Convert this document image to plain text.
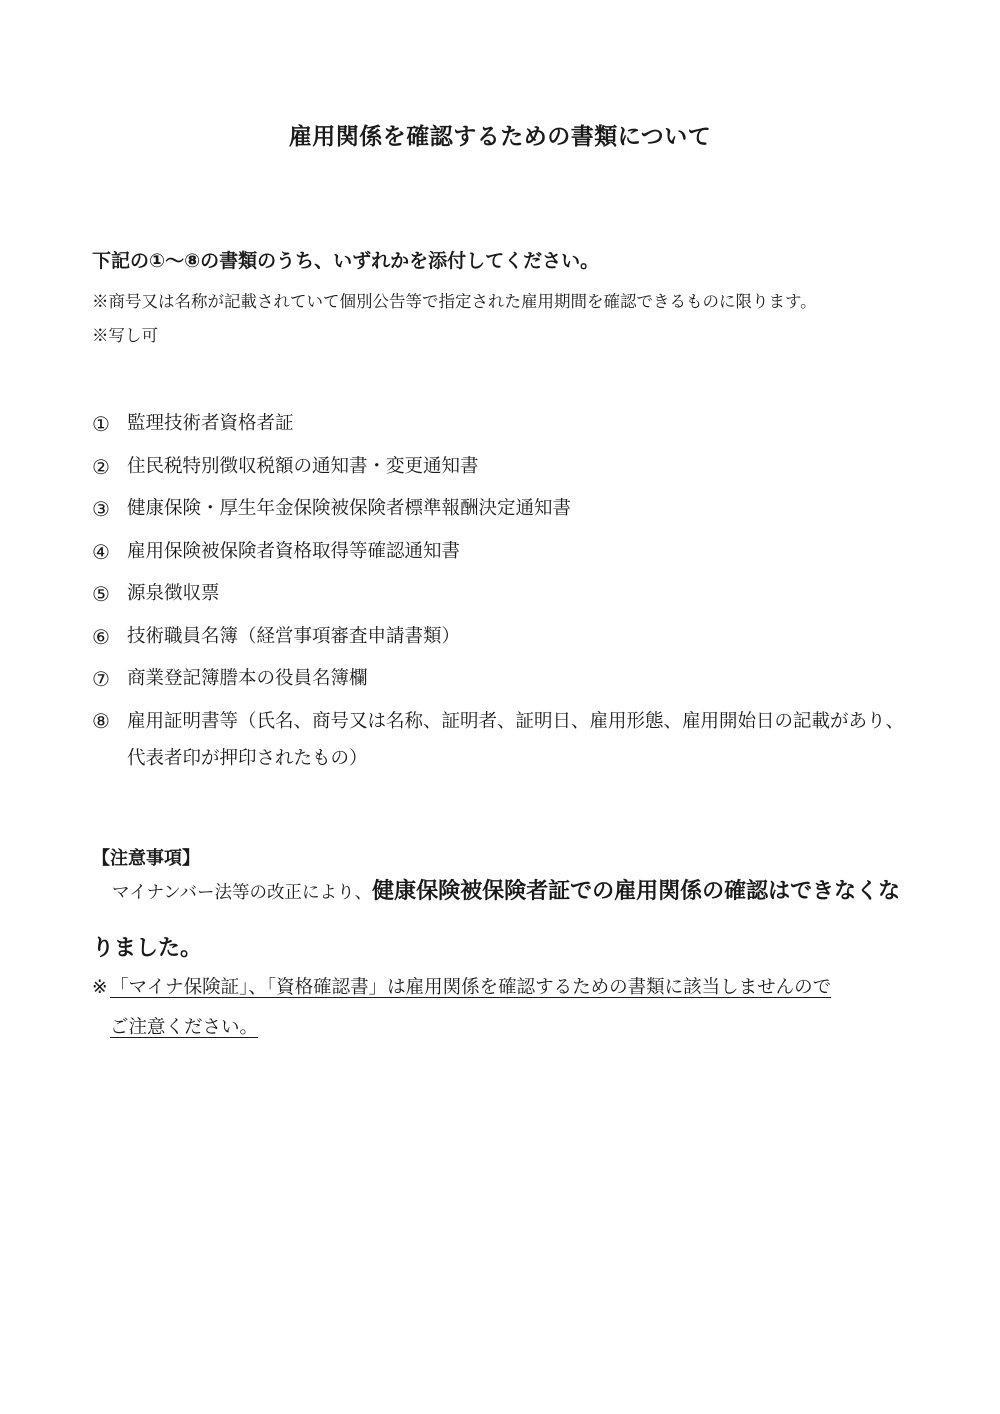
雇用関係を確認するための書類について
下記の①～⑧の書類のうち、いずれかを添付してください。
※商号又は名称が記載されていて個別公告等で指定された雇用期間を確認できるものに限ります。
※写し可
① 監理技術者資格者証
② 住民税特別徴収税額の通知書・変更通知書
③ 健康保険・厚生年金保険被保険者標準報酬決定通知書
④ 雇用保険被保険者資格取得等確認通知書
⑤ 源泉徴収票
⑥ 技術職員名簿（経営事項審査申請書類）
⑦ 商業登記簿謄本の役員名簿欄
⑧ 雇用証明書等（氏名、商号又は名称、証明者、証明日、雇用形態、雇用開始日の記載があり、代表者印が押印されたもの）
【注意事項】
マイナンバー法等の改正により、健康保険被保険者証での雇用関係の確認はできなくなりました。
※ 「マイナ保険証」、「資格確認書」は雇用関係を確認するための書類に該当しませんので
ご注意ください。
